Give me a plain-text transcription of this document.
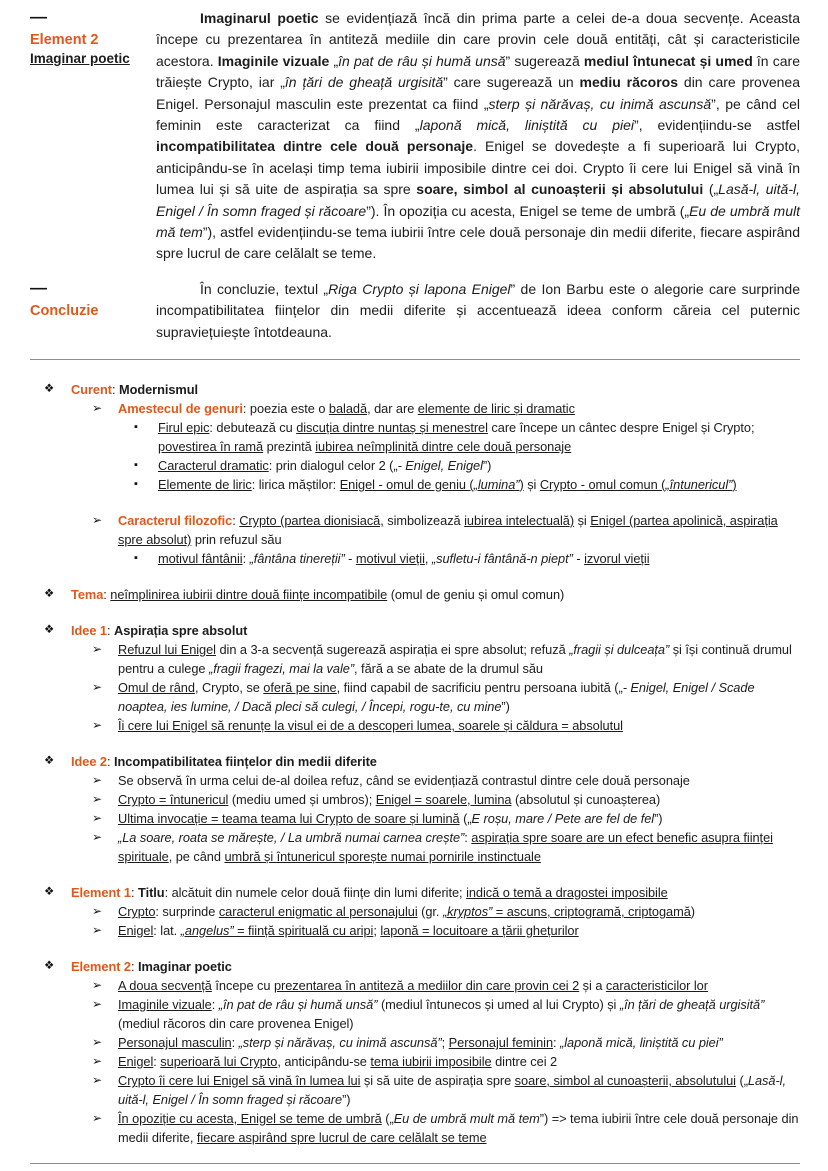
—
Element 2
Imaginar poetic
Imaginarul poetic se evidențiază încă din prima parte a celei de-a doua secvențe. Aceasta începe cu prezentarea în antiteză mediile din care provin cele două entități, cât și caracteristicile acestora. Imaginile vizuale „în pat de râu și humă unsă” sugerează mediul întunecat și umed în care trăiește Crypto, iar „în țări de gheață urgisită” care sugerează un mediu răcoros din care provenea Enigel. Personajul masculin este prezentat ca fiind „sterp și nărăvaș, cu inimă ascunsă”, pe când cel feminin este caracterizat ca fiind „laponă mică, liniștită cu piei”, evidențiindu-se astfel incompatibilitatea dintre cele două personaje. Enigel se dovedește a fi superioară lui Crypto, anticipându-se în același timp tema iubirii imposibile dintre cei doi. Crypto îi cere lui Enigel să vină în lumea lui și să uite de aspirația sa spre soare, simbol al cunoașterii și absolutului („Lasă-l, uită-l, Enigel / În somn fraged și răcoare”). În opoziția cu acesta, Enigel se teme de umbră („Eu de umbră mult mă tem”), astfel evidențiindu-se tema iubirii între cele două personaje din medii diferite, fiecare aspirând spre lucrul de care celălalt se teme.
—
Concluzie
În concluzie, textul „Riga Crypto și lapona Enigel” de Ion Barbu este o alegorie care surprinde incompatibilitatea ființelor din medii diferite și accentuează ideea conform căreia cel puternic supraviețuiește întotdeauna.
❖	Curent: Modernismul
➢	Amestecul de genuri: poezia este o baladă, dar are elemente de liric și dramatic
▪	Firul epic: debutează cu discuția dintre nuntaș și menestrel care începe un cântec despre Enigel și Crypto; povestirea în ramă prezintă iubirea neîmplinită dintre cele două personaje
▪	Caracterul dramatic: prin dialogul celor 2 („- Enigel, Enigel”)
▪	Elemente de liric: lirica măștilor: Enigel - omul de geniu („lumina”) și Crypto - omul comun („întunericul”)
➢	Caracterul filozofic: Crypto (partea dionisiacă, simbolizează iubirea intelectuală) și Enigel (partea apolinică, aspirația spre absolut) prin refuzul său
▪	motivul fântânii: „fântâna tinereții” - motivul vieții, „sufletu-i fântână-n piept” - izvorul vieții
❖	Tema: neîmplinirea iubirii dintre două ființe incompatibile (omul de geniu și omul comun)
❖	Idee 1: Aspirația spre absolut
➢	Refuzul lui Enigel din a 3-a secvență sugerează aspirația ei spre absolut; refuză „fragii și dulceața” și își continuă drumul pentru a culege „fragii fragezi, mai la vale”, fără a se abate de la drumul său
➢	Omul de rând, Crypto, se oferă pe sine, fiind capabil de sacrificiu pentru persoana iubită („- Enigel, Enigel / Scade noaptea, ies lumine, / Dacă pleci să culegi, / Începi, rogu-te, cu mine”)
➢	Îi cere lui Enigel să renunțe la visul ei de a descoperi lumea, soarele și căldura = absolutul
❖	Idee 2: Incompatibilitatea ființelor din medii diferite
➢	Se observă în urma celui de-al doilea refuz, când se evidențiază contrastul dintre cele două personaje
➢	Crypto = întunericul (mediu umed și umbros); Enigel = soarele, lumina (absolutul și cunoașterea)
➢	Ultima invocație = teama teama lui Crypto de soare și lumină („E roșu, mare / Pete are fel de fel”)
➢	„La soare, roata se mărește, / La umbră numai carnea crește”: aspirația spre soare are un efect benefic asupra ființei spirituale, pe când umbră și întunericul sporește numai pornirile instinctuale
❖	Element 1: Titlu: alcătuit din numele celor două ființe din lumi diferite; indică o temă a dragostei imposibile
➢	Crypto: surprinde caracterul enigmatic al personajului (gr. „kryptos” = ascuns, criptogramă, criptogamă)
➢	Enigel: lat. „angelus” = ființă spirituală cu aripi; laponă = locuitoare a țării ghețurilor
❖	Element 2: Imaginar poetic
➢	A doua secvență începe cu prezentarea în antiteză a mediilor din care provin cei 2 și a caracteristicilor lor
➢	Imaginile vizuale: „în pat de râu și humă unsă” (mediul întunecos și umed al lui Crypto) și „în țări de gheață urgisită” (mediul răcoros din care provenea Enigel)
➢	Personajul masculin: „sterp și nărăvaș, cu inimă ascunsă”; Personajul feminin: „laponă mică, liniștită cu piei”
➢	Enigel: superioară lui Crypto, anticipându-se tema iubirii imposibile dintre cei 2
➢	Crypto îi cere lui Enigel să vină în lumea lui și să uite de aspirația spre soare, simbol al cunoașterii, absolutului („Lasă-l, uită-l, Enigel / În somn fraged și răcoare”)
➢	În opoziție cu acesta, Enigel se teme de umbră („Eu de umbră mult mă tem”) => tema iubirii între cele două personaje din medii diferite, fiecare aspirând spre lucrul de care celălalt se teme
